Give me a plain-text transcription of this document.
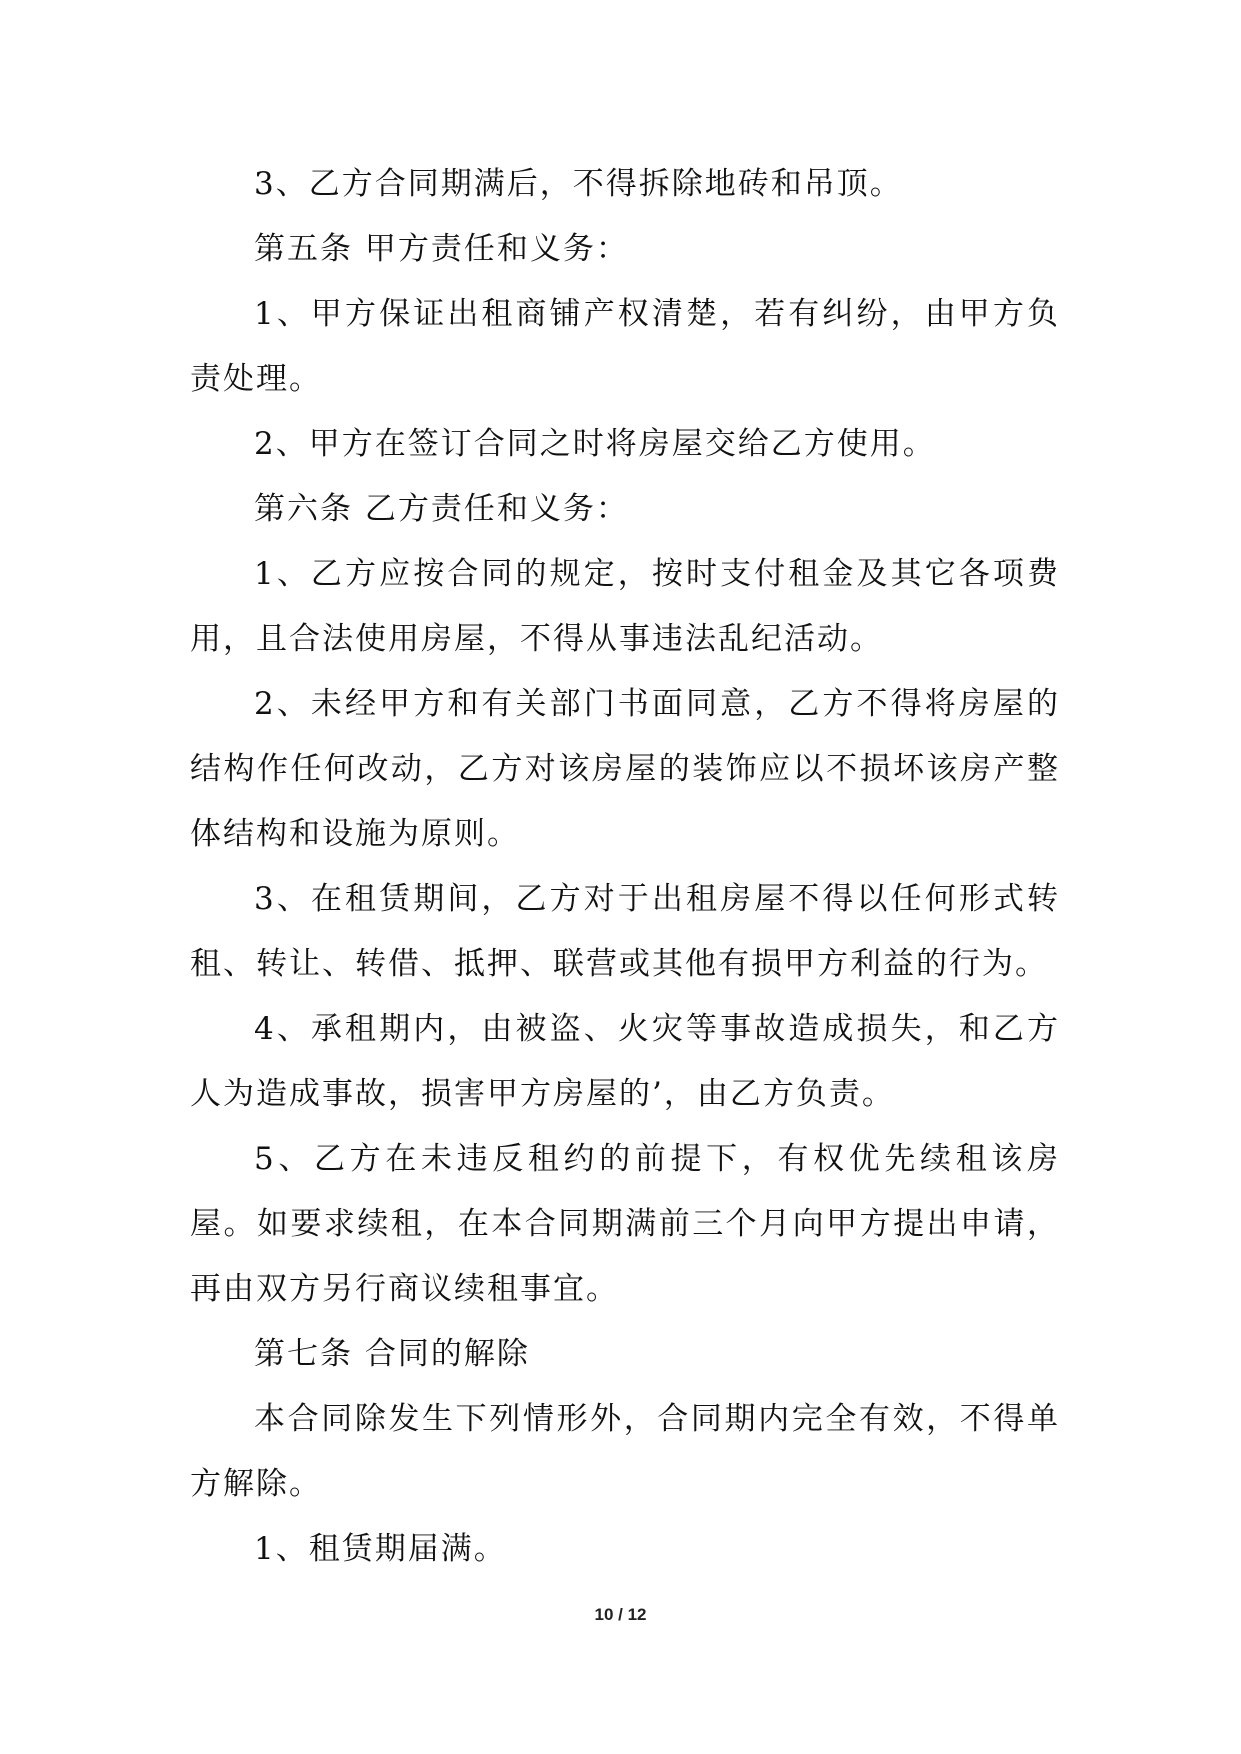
3、乙方合同期满后，不得拆除地砖和吊顶。

第五条 甲方责任和义务：

1、甲方保证出租商铺产权清楚，若有纠纷，由甲方负责处理。

2、甲方在签订合同之时将房屋交给乙方使用。

第六条 乙方责任和义务：

1、乙方应按合同的规定，按时支付租金及其它各项费用，且合法使用房屋，不得从事违法乱纪活动。

2、未经甲方和有关部门书面同意，乙方不得将房屋的结构作任何改动，乙方对该房屋的装饰应以不损坏该房产整体结构和设施为原则。

3、在租赁期间，乙方对于出租房屋不得以任何形式转租、转让、转借、抵押、联营或其他有损甲方利益的行为。

4、承租期内，由被盗、火灾等事故造成损失，和乙方人为造成事故，损害甲方房屋的’，由乙方负责。

5、乙方在未违反租约的前提下，有权优先续租该房屋。如要求续租，在本合同期满前三个月向甲方提出申请，再由双方另行商议续租事宜。

第七条 合同的解除

本合同除发生下列情形外，合同期内完全有效，不得单方解除。

1、租赁期届满。

10 / 12
